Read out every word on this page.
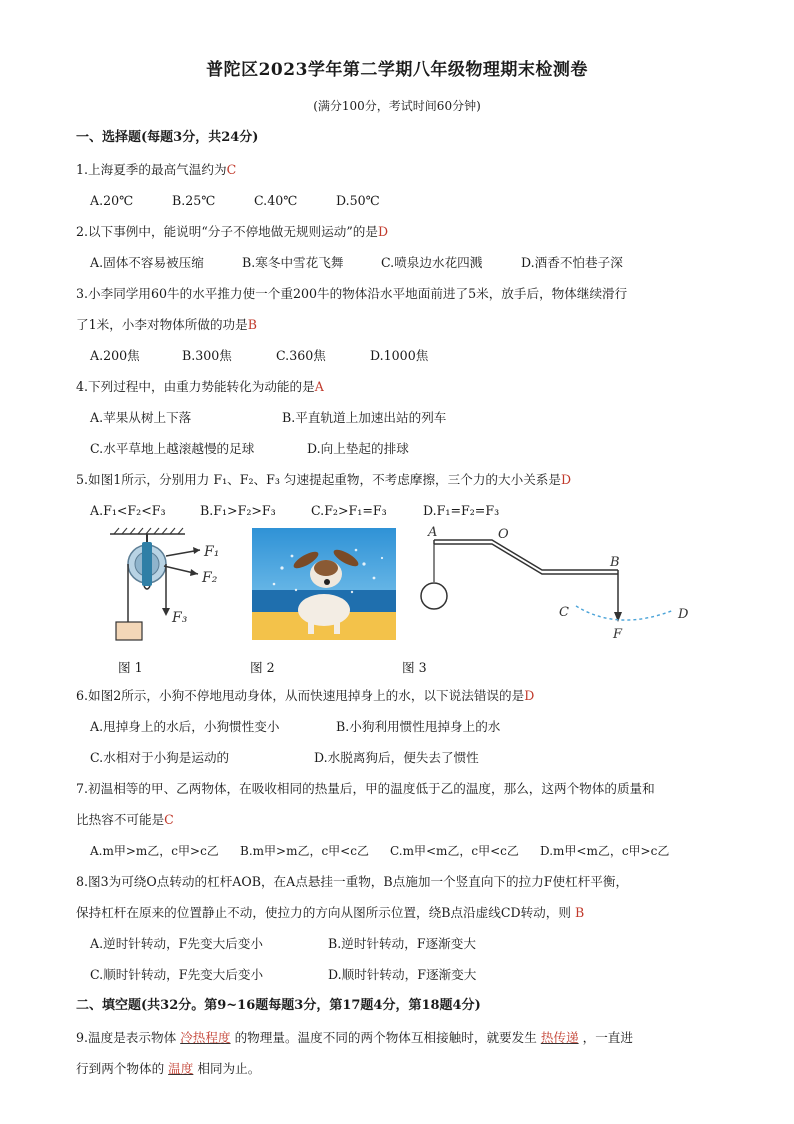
普陀区2023学年第二学期八年级物理期末检测卷
(满分100分，考试时间60分钟)
一、选择题(每题3分，共24分)
1.上海夏季的最高气温约为C
A.20℃	B.25℃	C.40℃	D.50℃
2.以下事例中，能说明“分子不停地做无规则运动”的是D
A.固体不容易被压缩	B.寒冬中雪花飞舞	C.喷泉边水花四溅	D.酒香不怕巷子深
3.小李同学用60牛的水平推力使一个重200牛的物体沿水平地面前进了5米，放手后，物体继续滑行
了1米，小李对物体所做的功是B
A.200焦	B.300焦	C.360焦	D.1000焦
4.下列过程中，由重力势能转化为动能的是A
A.苹果从树上下落	B.平直轨道上加速出站的列车
C.水平草地上越滚越慢的足球	D.向上垫起的排球
5.如图1所示，分别用力 F₁、F₂、F₃ 匀速提起重物，不考虑摩擦，三个力的大小关系是D
A.F₁<F₂<F₃	B.F₁>F₂>F₃	C.F₂>F₁=F₃	D.F₁=F₂=F₃
F₁
F₂
F₃
A	O
B
C	D
F
图 1	图 2	图 3
6.如图2所示，小狗不停地甩动身体，从而快速甩掉身上的水，以下说法错误的是D
A.甩掉身上的水后，小狗惯性变小	B.小狗利用惯性甩掉身上的水
C.水相对于小狗是运动的	D.水脱离狗后，便失去了惯性
7.初温相等的甲、乙两物体，在吸收相同的热量后，甲的温度低于乙的温度，那么，这两个物体的质量和
比热容不可能是C
A.m甲>m乙，c甲>c乙 B.m甲>m乙，c甲<c乙 C.m甲<m乙，c甲<c乙 D.m甲<m乙，c甲>c乙
8.图3为可绕O点转动的杠杆AOB，在A点悬挂一重物，B点施加一个竖直向下的拉力F使杠杆平衡，
保持杠杆在原来的位置静止不动，使拉力的方向从图所示位置，绕B点沿虚线CD转动，则 B
A.逆时针转动，F先变大后变小	B.逆时针转动，F逐渐变大
C.顺时针转动，F先变大后变小	D.顺时针转动，F逐渐变大
二、填空题(共32分。第9~16题每题3分，第17题4分，第18题4分)
9.温度是表示物体 冷热程度 的物理量。温度不同的两个物体互相接触时，就要发生 热传递 ，一直进
行到两个物体的 温度 相同为止。
